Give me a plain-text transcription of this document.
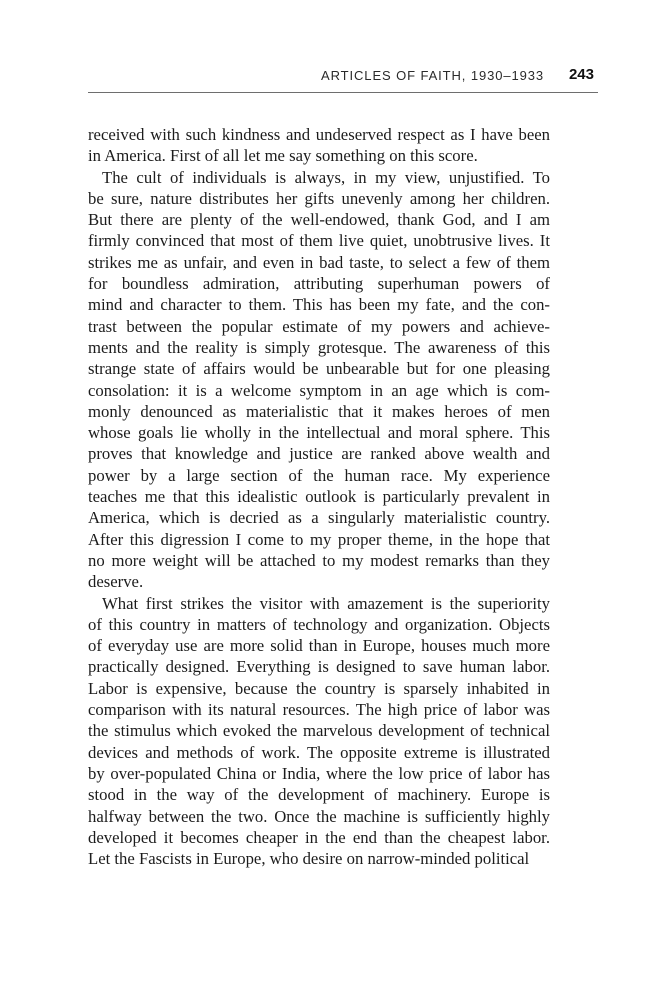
ARTICLES OF FAITH, 1930–1933 243
received with such kindness and undeserved respect as I have been
in America. First of all let me say something on this score.
The cult of individuals is always, in my view, unjustified. To
be sure, nature distributes her gifts unevenly among her children.
But there are plenty of the well-endowed, thank God, and I am
firmly convinced that most of them live quiet, unobtrusive lives. It
strikes me as unfair, and even in bad taste, to select a few of them
for boundless admiration, attributing superhuman powers of
mind and character to them. This has been my fate, and the con-
trast between the popular estimate of my powers and achieve-
ments and the reality is simply grotesque. The awareness of this
strange state of affairs would be unbearable but for one pleasing
consolation: it is a welcome symptom in an age which is com-
monly denounced as materialistic that it makes heroes of men
whose goals lie wholly in the intellectual and moral sphere. This
proves that knowledge and justice are ranked above wealth and
power by a large section of the human race. My experience
teaches me that this idealistic outlook is particularly prevalent in
America, which is decried as a singularly materialistic country.
After this digression I come to my proper theme, in the hope that
no more weight will be attached to my modest remarks than they
deserve.
What first strikes the visitor with amazement is the superiority
of this country in matters of technology and organization. Objects
of everyday use are more solid than in Europe, houses much more
practically designed. Everything is designed to save human labor.
Labor is expensive, because the country is sparsely inhabited in
comparison with its natural resources. The high price of labor was
the stimulus which evoked the marvelous development of technical
devices and methods of work. The opposite extreme is illustrated
by over-populated China or India, where the low price of labor has
stood in the way of the development of machinery. Europe is
halfway between the two. Once the machine is sufficiently highly
developed it becomes cheaper in the end than the cheapest labor.
Let the Fascists in Europe, who desire on narrow-minded political
